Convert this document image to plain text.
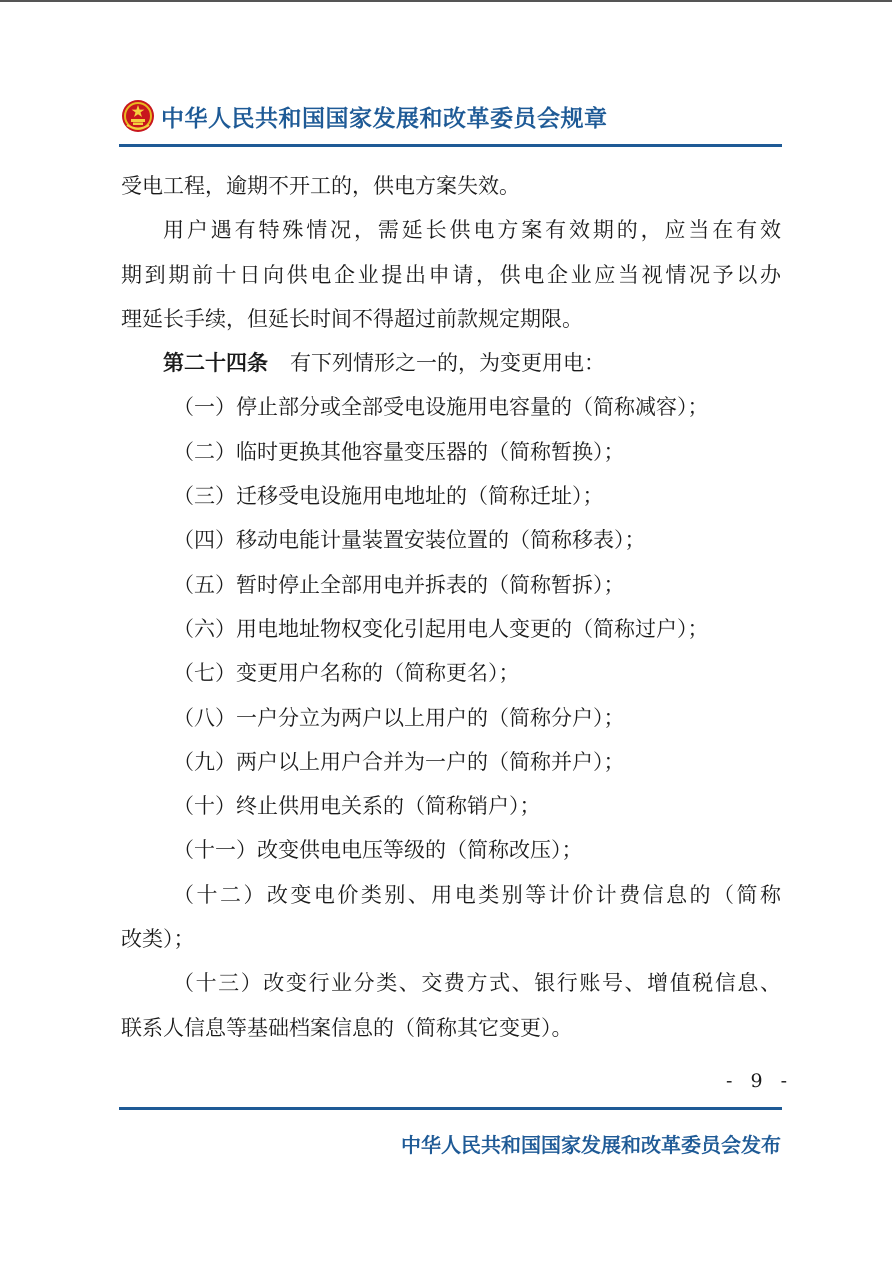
中华人民共和国国家发展和改革委员会规章
受电工程，逾期不开工的，供电方案失效。
用户遇有特殊情况，需延长供电方案有效期的，应当在有效
期到期前十日向供电企业提出申请，供电企业应当视情况予以办
理延长手续，但延长时间不得超过前款规定期限。
第二十四条 有下列情形之一的，为变更用电：
（一）停止部分或全部受电设施用电容量的（简称减容）；
（二）临时更换其他容量变压器的（简称暂换）；
（三）迁移受电设施用电地址的（简称迁址）；
（四）移动电能计量装置安装位置的（简称移表）；
（五）暂时停止全部用电并拆表的（简称暂拆）；
（六）用电地址物权变化引起用电人变更的（简称过户）；
（七）变更用户名称的（简称更名）；
（八）一户分立为两户以上用户的（简称分户）；
（九）两户以上用户合并为一户的（简称并户）；
（十）终止供用电关系的（简称销户）；
（十一）改变供电电压等级的（简称改压）；
（十二）改变电价类别、用电类别等计价计费信息的（简称
改类）；
（十三）改变行业分类、交费方式、银行账号、增值税信息、
联系人信息等基础档案信息的（简称其它变更）。
- 9 -
中华人民共和国国家发展和改革委员会发布
